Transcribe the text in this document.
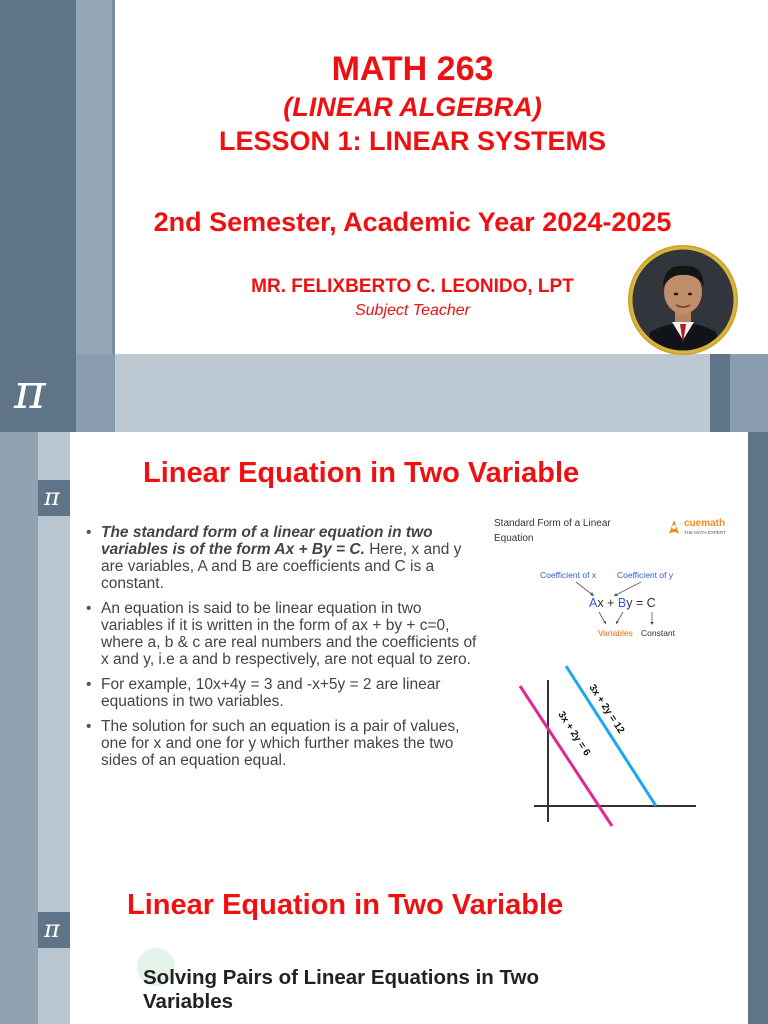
π
MATH 263
(LINEAR ALGEBRA)
LESSON 1: LINEAR SYSTEMS
2nd Semester, Academic Year 2024-2025
MR. FELIXBERTO C. LEONIDO, LPT
Subject Teacher
π
Linear Equation in Two Variable
• The standard form of a linear equation in two variables is of the form Ax + By = C. Here, x and y are variables, A and B are coefficients and C is a constant.
• An equation is said to be linear equation in two variables if it is written in the form of ax + by + c=0, where a, b & c are real numbers and the coefficients of x and y, i.e a and b respectively, are not equal to zero.
• For example, 10x+4y = 3 and -x+5y = 2 are linear equations in two variables.
• The solution for such an equation is a pair of values, one for x and one for y which further makes the two sides of an equation equal.
Standard Form of a Linear
Equation
cuemath
THE MATH EXPERT
Coefficient of x Coefficient of y
Ax + By = C
Variables Constant
3x + 2y = 12
3x + 2y = 6
π
Linear Equation in Two Variable
Solving Pairs of Linear Equations in Two Variables
